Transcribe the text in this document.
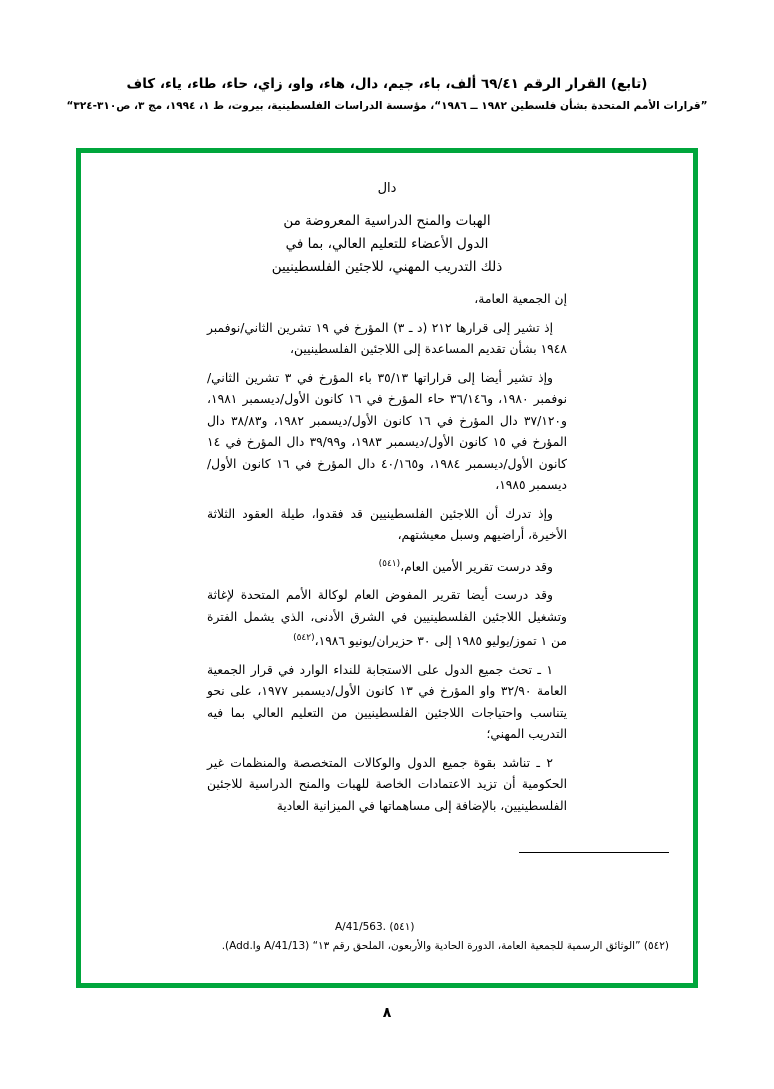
(تابع) القرار الرقم ٦٩/٤١ ألف، باء، جيم، دال، هاء، واو، زاي، حاء، طاء، ياء، كاف
”قرارات الأمم المتحدة بشأن فلسطين ١٩٨٢ ــ ١٩٨٦“، مؤسسة الدراسات الفلسطينية، بيروت، ط ١، ١٩٩٤، مج ٣، ص٣١٠-٣٢٤“
دال
الهبات والمنح الدراسية المعروضة من
الدول الأعضاء للتعليم العالي، بما في
ذلك التدريب المهني، للاجئين الفلسطينيين

إن الجمعية العامة،

إذ تشير إلى قرارها ٢١٢ (د ـ ٣) المؤرخ في ١٩ تشرين الثاني/نوفمبر ١٩٤٨ بشأن تقديم المساعدة إلى اللاجئين الفلسطينيين،

وإذ تشير أيضا إلى قراراتها ٣٥/١٣ باء المؤرخ في ٣ تشرين الثاني/نوفمبر ١٩٨٠، و٣٦/١٤٦ حاء المؤرخ في ١٦ كانون الأول/ديسمبر ١٩٨١، و٣٧/١٢٠ دال المؤرخ في ١٦ كانون الأول/ديسمبر ١٩٨٢، و٣٨/٨٣ دال المؤرخ في ١٥ كانون الأول/ديسمبر ١٩٨٣، و٣٩/٩٩ دال المؤرخ في ١٤ كانون الأول/ديسمبر ١٩٨٤، و٤٠/١٦٥ دال المؤرخ في ١٦ كانون الأول/ديسمبر ١٩٨٥،

وإذ تدرك أن اللاجئين الفلسطينيين قد فقدوا، طيلة العقود الثلاثة الأخيرة، أراضيهم وسبل معيشتهم،

وقد درست تقرير الأمين العام،$^{(٥٤١)}$

وقد درست أيضا تقرير المفوض العام لوكالة الأمم المتحدة لإغاثة وتشغيل اللاجئين الفلسطينيين في الشرق الأدنى، الذي يشمل الفترة من ١ تموز/يوليو ١٩٨٥ إلى ٣٠ حزيران/يونيو ١٩٨٦،$^{(٥٤٢)}$

١ ـ تحث جميع الدول على الاستجابة للنداء الوارد في قرار الجمعية العامة ٣٢/٩٠ واو المؤرخ في ١٣ كانون الأول/ديسمبر ١٩٧٧، على نحو يتناسب واحتياجات اللاجئين الفلسطينيين من التعليم العالي بما فيه التدريب المهني؛

٢ ـ تناشد بقوة جميع الدول والوكالات المتخصصة والمنظمات غير الحكومية أن تزيد الاعتمادات الخاصة للهبات والمنح الدراسية للاجئين الفلسطينيين، بالإضافة إلى مساهماتها في الميزانية العادية

(٥٤١) .A/41/563
(٥٤٢) ”الوثائق الرسمية للجمعية العامة، الدورة الحادية والأربعون، الملحق رقم ١٣“ (A/41/13 وAdd.l).
٨
